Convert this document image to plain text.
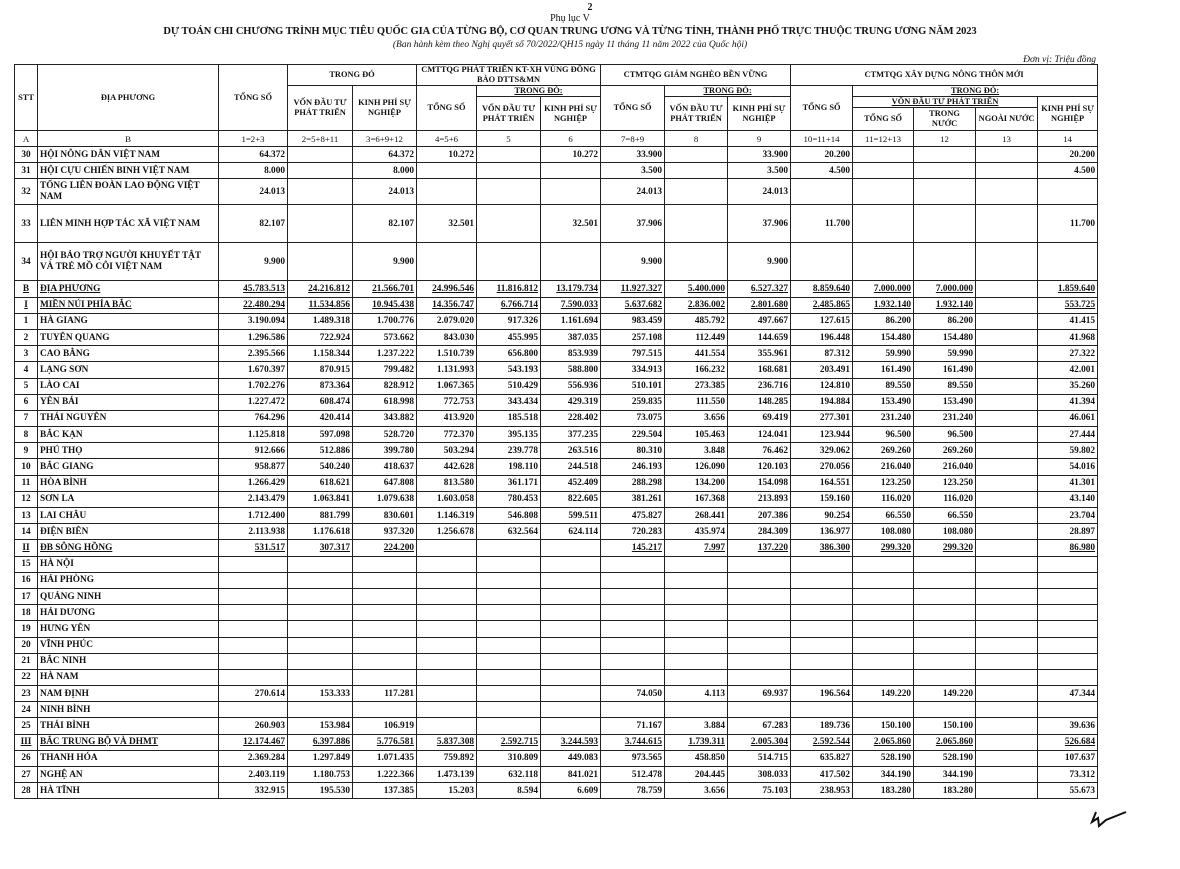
2
Phụ lục V
DỰ TOÁN CHI CHƯƠNG TRÌNH MỤC TIÊU QUỐC GIA CỦA TỪNG BỘ, CƠ QUAN TRUNG ƯƠNG VÀ TỪNG TỈNH, THÀNH PHỐ TRỰC THUỘC TRUNG ƯƠNG NĂM 2023
(Ban hành kèm theo Nghị quyết số 70/2022/QH15 ngày 11 tháng 11 năm 2022 của Quốc hội)
Đơn vị: Triệu đồng
STT	ĐỊA PHƯƠNG	TỔNG SỐ	TRONG ĐÓ		CMTTQG PHÁT TRIỂN KT-XH VÙNG ĐỒNG BÀO DTTS&MN			CTMTQG GIẢM NGHÈO BỀN VỮNG			CTMTQG XÂY DỰNG NÔNG THÔN MỚI				
			VỐN ĐẦU TƯ PHÁT TRIỂN	KINH PHÍ SỰ NGHIỆP	TỔNG SỐ	TRONG ĐÓ:		TỔNG SỐ	TRONG ĐÓ:		TỔNG SỐ	TRONG ĐÓ:			
						VỐN ĐẦU TƯ PHÁT TRIỂN	KINH PHÍ SỰ NGHIỆP		VỐN ĐẦU TƯ PHÁT TRIỂN	KINH PHÍ SỰ NGHIỆP		VỐN ĐẦU TƯ PHÁT TRIỂN			KINH PHÍ SỰ NGHIỆP
												TỔNG SỐ	TRONG NƯỚC	NGOÀI NƯỚC	
A	B	1=2+3	2=5+8+11	3=6+9+12	4=5+6	5	6	7=8+9	8	9	10=11+14	11=12+13	12	13	14
30	HỘI NÔNG DÂN VIỆT NAM	64.372		64.372	10.272		10.272	33.900		33.900	20.200				20.200
31	HỘI CỰU CHIẾN BINH VIỆT NAM	8.000		8.000				3.500		3.500	4.500				4.500
32	TỔNG LIÊN ĐOÀN LAO ĐỘNG VIỆT NAM	24.013		24.013				24.013		24.013					
33	LIÊN MINH HỢP TÁC XÃ VIỆT NAM	82.107		82.107	32.501		32.501	37.906		37.906	11.700				11.700
34	HỘI BẢO TRỢ NGƯỜI KHUYẾT TẬT VÀ TRẺ MỒ CÔI VIỆT NAM	9.900		9.900				9.900		9.900					
B	ĐỊA PHƯƠNG	45.783.513	24.216.812	21.566.701	24.996.546	11.816.812	13.179.734	11.927.327	5.400.000	6.527.327	8.859.640	7.000.000	7.000.000		1.859.640
I	MIỀN NÚI PHÍA BẮC	22.480.294	11.534.856	10.945.438	14.356.747	6.766.714	7.590.033	5.637.682	2.836.002	2.801.680	2.485.865	1.932.140	1.932.140		553.725
1	HÀ GIANG	3.190.094	1.489.318	1.700.776	2.079.020	917.326	1.161.694	983.459	485.792	497.667	127.615	86.200	86.200		41.415
2	TUYÊN QUANG	1.296.586	722.924	573.662	843.030	455.995	387.035	257.108	112.449	144.659	196.448	154.480	154.480		41.968
3	CAO BẰNG	2.395.566	1.158.344	1.237.222	1.510.739	656.800	853.939	797.515	441.554	355.961	87.312	59.990	59.990		27.322
4	LẠNG SƠN	1.670.397	870.915	799.482	1.131.993	543.193	588.800	334.913	166.232	168.681	203.491	161.490	161.490		42.001
5	LÀO CAI	1.702.276	873.364	828.912	1.067.365	510.429	556.936	510.101	273.385	236.716	124.810	89.550	89.550		35.260
6	YÊN BÁI	1.227.472	608.474	618.998	772.753	343.434	429.319	259.835	111.550	148.285	194.884	153.490	153.490		41.394
7	THÁI NGUYÊN	764.296	420.414	343.882	413.920	185.518	228.402	73.075	3.656	69.419	277.301	231.240	231.240		46.061
8	BẮC KẠN	1.125.818	597.098	528.720	772.370	395.135	377.235	229.504	105.463	124.041	123.944	96.500	96.500		27.444
9	PHÚ THỌ	912.666	512.886	399.780	503.294	239.778	263.516	80.310	3.848	76.462	329.062	269.260	269.260		59.802
10	BẮC GIANG	958.877	540.240	418.637	442.628	198.110	244.518	246.193	126.090	120.103	270.056	216.040	216.040		54.016
11	HÒA BÌNH	1.266.429	618.621	647.808	813.580	361.171	452.409	288.298	134.200	154.098	164.551	123.250	123.250		41.301
12	SƠN LA	2.143.479	1.063.841	1.079.638	1.603.058	780.453	822.605	381.261	167.368	213.893	159.160	116.020	116.020		43.140
13	LAI CHÂU	1.712.400	881.799	830.601	1.146.319	546.808	599.511	475.827	268.441	207.386	90.254	66.550	66.550		23.704
14	ĐIỆN BIÊN	2.113.938	1.176.618	937.320	1.256.678	632.564	624.114	720.283	435.974	284.309	136.977	108.080	108.080		28.897
II	ĐB SÔNG HỒNG	531.517	307.317	224.200				145.217	7.997	137.220	386.300	299.320	299.320		86.980
15	HÀ NỘI														
16	HẢI PHÒNG														
17	QUẢNG NINH														
18	HẢI DƯƠNG														
19	HƯNG YÊN														
20	VĨNH PHÚC														
21	BẮC NINH														
22	HÀ NAM														
23	NAM ĐỊNH	270.614	153.333	117.281				74.050	4.113	69.937	196.564	149.220	149.220		47.344
24	NINH BÌNH														
25	THÁI BÌNH	260.903	153.984	106.919				71.167	3.884	67.283	189.736	150.100	150.100		39.636
III	BẮC TRUNG BỘ VÀ DHMT	12.174.467	6.397.886	5.776.581	5.837.308	2.592.715	3.244.593	3.744.615	1.739.311	2.005.304	2.592.544	2.065.860	2.065.860		526.684
26	THANH HÓA	2.369.284	1.297.849	1.071.435	759.892	310.809	449.083	973.565	458.850	514.715	635.827	528.190	528.190		107.637
27	NGHỆ AN	2.403.119	1.180.753	1.222.366	1.473.139	632.118	841.021	512.478	204.445	308.033	417.502	344.190	344.190		73.312
28	HÀ TĨNH	332.915	195.530	137.385	15.203	8.594	6.609	78.759	3.656	75.103	238.953	183.280	183.280		55.673
